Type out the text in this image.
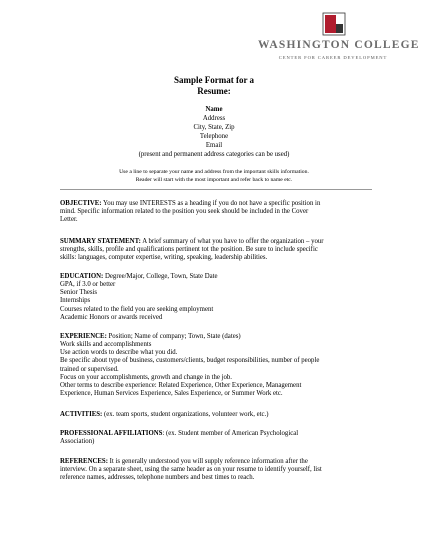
WASHINGTON COLLEGE
CENTER FOR CAREER DEVELOPMENT
Sample Format for a
Resume:
Name
Address
City, State, Zip
Telephone
Email
(present and permanent address categories can be used)
Use a line to separate your name and address from the important skills information.
Reader will start with the most important and refer back to name etc.
OBJECTIVE: You may use INTERESTS as a heading if you do not have a specific position in
mind. Specific information related to the position you seek should be included in the Cover
Letter.
SUMMARY STATEMENT: A brief summary of what you have to offer the organization – your
strengths, skills, profile and qualifications pertinent tot the position. Be sure to include specific
skills: languages, computer expertise, writing, speaking, leadership abilities.
EDUCATION: Degree/Major, College, Town, State Date
GPA, if 3.0 or better
Senior Thesis
Internships
Courses related to the field you are seeking employment
Academic Honors or awards received
EXPERIENCE: Position; Name of company; Town, State (dates)
Work skills and accomplishments
Use action words to describe what you did.
Be specific about type of business, customers/clients, budget responsibilities, number of people
trained or supervised.
Focus on your accomplishments, growth and change in the job.
Other terms to describe experience: Related Experience, Other Experience, Management
Experience, Human Services Experience, Sales Experience, or Summer Work etc.
ACTIVITIES: (ex. team sports, student organizations, volunteer work, etc.)
PROFESSIONAL AFFILIATIONS: (ex. Student member of American Psychological
Association)
REFERENCES: It is generally understood you will supply reference information after the
interview. On a separate sheet, using the same header as on your resume to identify yourself, list
reference names, addresses, telephone numbers and best times to reach.
